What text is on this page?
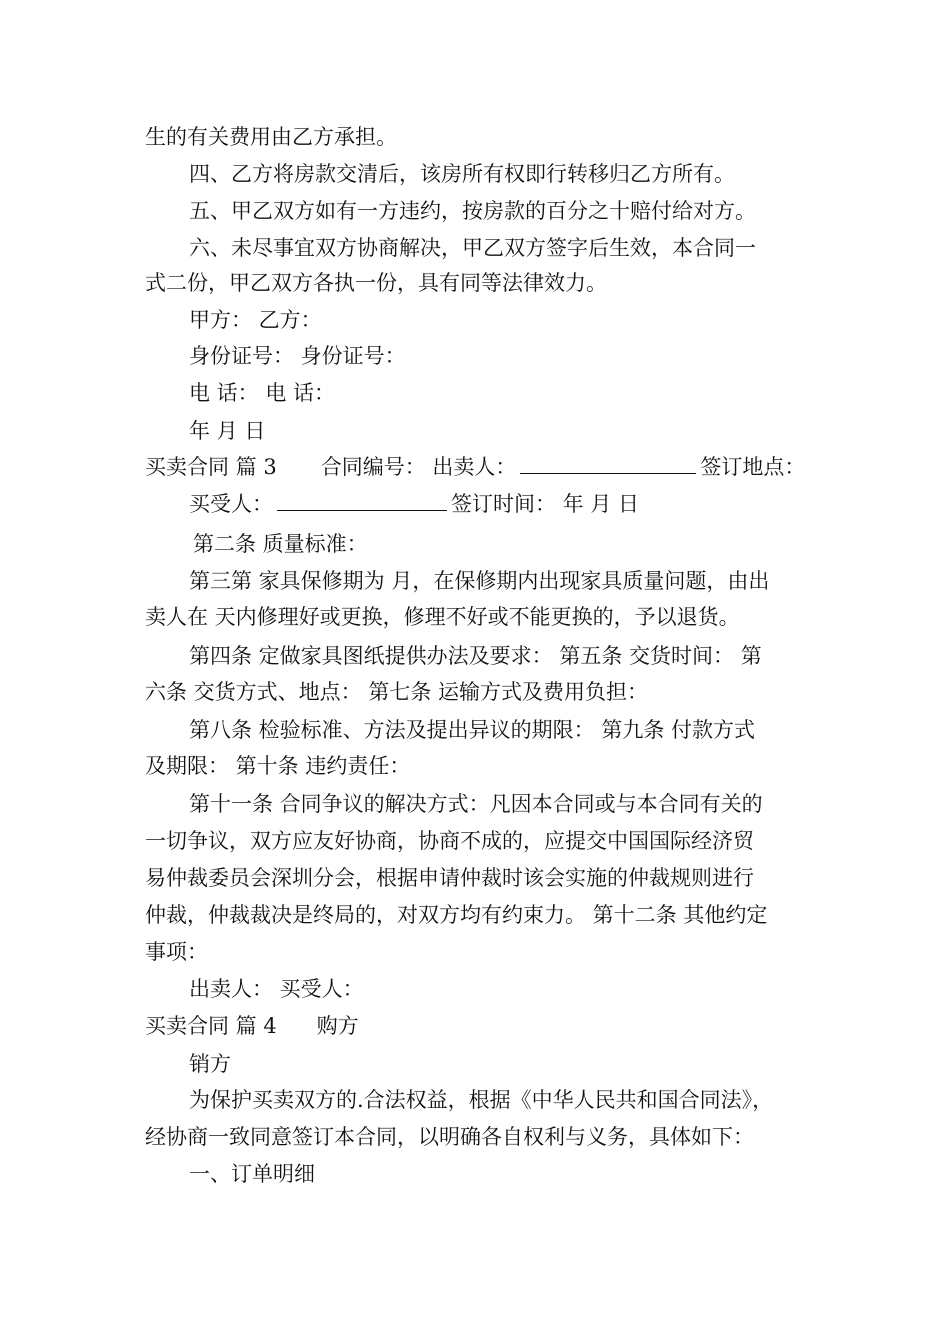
生的有关费用由乙方承担。
四、乙方将房款交清后，该房所有权即行转移归乙方所有。
五、甲乙双方如有一方违约，按房款的百分之十赔付给对方。
六、未尽事宜双方协商解决，甲乙双方签字后生效，本合同一
式二份，甲乙双方各执一份，具有同等法律效力。
甲方： 乙方：
身份证号： 身份证号：
电 话： 电 话：
年 月 日
买卖合同 篇 3 合同编号： 出卖人：	签订地点：
买受人：	签订时间： 年 月 日
第二条 质量标准：
第三第 家具保修期为 月，在保修期内出现家具质量问题，由出
卖人在 天内修理好或更换，修理不好或不能更换的，予以退货。
第四条 定做家具图纸提供办法及要求： 第五条 交货时间： 第
六条 交货方式、地点： 第七条 运输方式及费用负担：
第八条 检验标准、方法及提出异议的期限： 第九条 付款方式
及期限： 第十条 违约责任：
第十一条 合同争议的解决方式：凡因本合同或与本合同有关的
一切争议，双方应友好协商，协商不成的，应提交中国国际经济贸
易仲裁委员会深圳分会，根据申请仲裁时该会实施的仲裁规则进行
仲裁，仲裁裁决是终局的，对双方均有约束力。 第十二条 其他约定
事项：
出卖人： 买受人：
买卖合同 篇 4 购方
销方
为保护买卖双方的.合法权益，根据《中华人民共和国合同法》，
经协商一致同意签订本合同，以明确各自权利与义务，具体如下：
一、订单明细
